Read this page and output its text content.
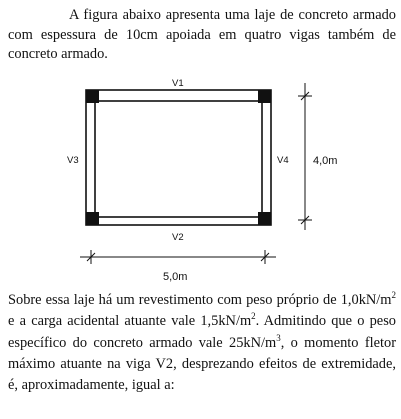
A figura abaixo apresenta uma laje de concreto armado com espessura de 10cm apoiada em quatro vigas também de concreto armado.

V1
V2
V3	V4 4,0m
5,0m

Sobre essa laje há um revestimento com peso próprio de $1,0kN/m^2$ e a carga acidental atuante vale $1,5kN/m^2$. Admitindo que o peso específico do concreto armado vale $25kN/m^3$, o momento fletor máximo atuante na viga V2, desprezando efeitos de extremidade, é, aproximadamente, igual a:
